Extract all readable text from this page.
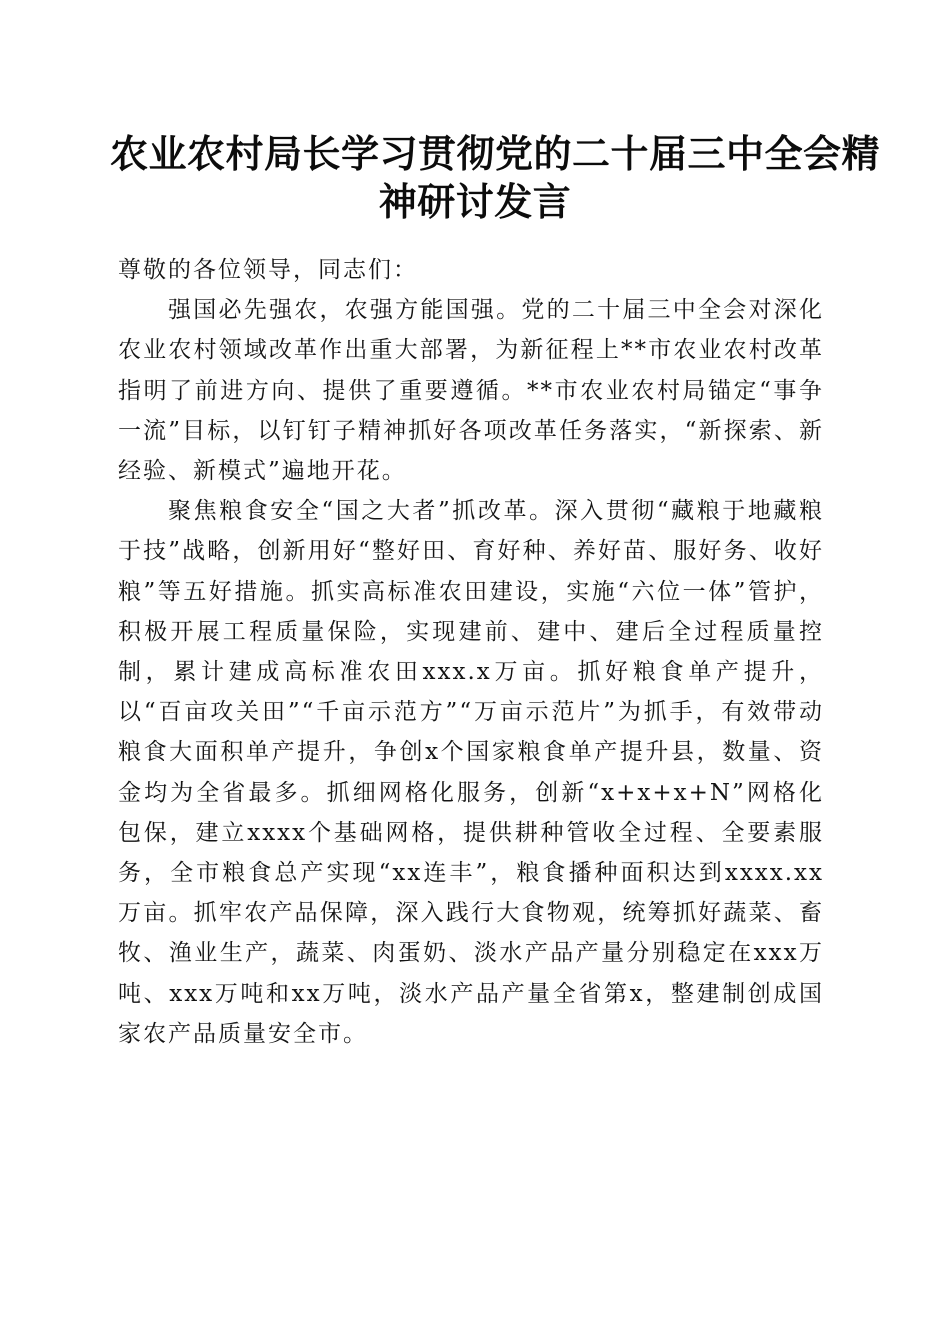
农业农村局长学习贯彻党的二十届三中全会精
神研讨发言

尊敬的各位领导，同志们：

强国必先强农，农强方能国强。党的二十届三中全会对深化农业农村领域改革作出重大部署，为新征程上**市农业农村改革指明了前进方向、提供了重要遵循。**市农业农村局锚定“事争一流”目标，以钉钉子精神抓好各项改革任务落实，“新探索、新经验、新模式”遍地开花。

聚焦粮食安全“国之大者”抓改革。深入贯彻“藏粮于地藏粮于技”战略，创新用好“整好田、育好种、养好苗、服好务、收好粮”等五好措施。抓实高标准农田建设，实施“六位一体”管护，积极开展工程质量保险，实现建前、建中、建后全过程质量控制，累计建成高标准农田xxx.x万亩。抓好粮食单产提升，以“百亩攻关田”“千亩示范方”“万亩示范片”为抓手，有效带动粮食大面积单产提升，争创x个国家粮食单产提升县，数量、资金均为全省最多。抓细网格化服务，创新“x+x+x+N”网格化包保，建立xxxx个基础网格，提供耕种管收全过程、全要素服务，全市粮食总产实现“xx连丰”，粮食播种面积达到xxxx.xx万亩。抓牢农产品保障，深入践行大食物观，统筹抓好蔬菜、畜牧、渔业生产，蔬菜、肉蛋奶、淡水产品产量分别稳定在xxx万吨、xxx万吨和xx万吨，淡水产品产量全省第x，整建制创成国家农产品质量安全市。
